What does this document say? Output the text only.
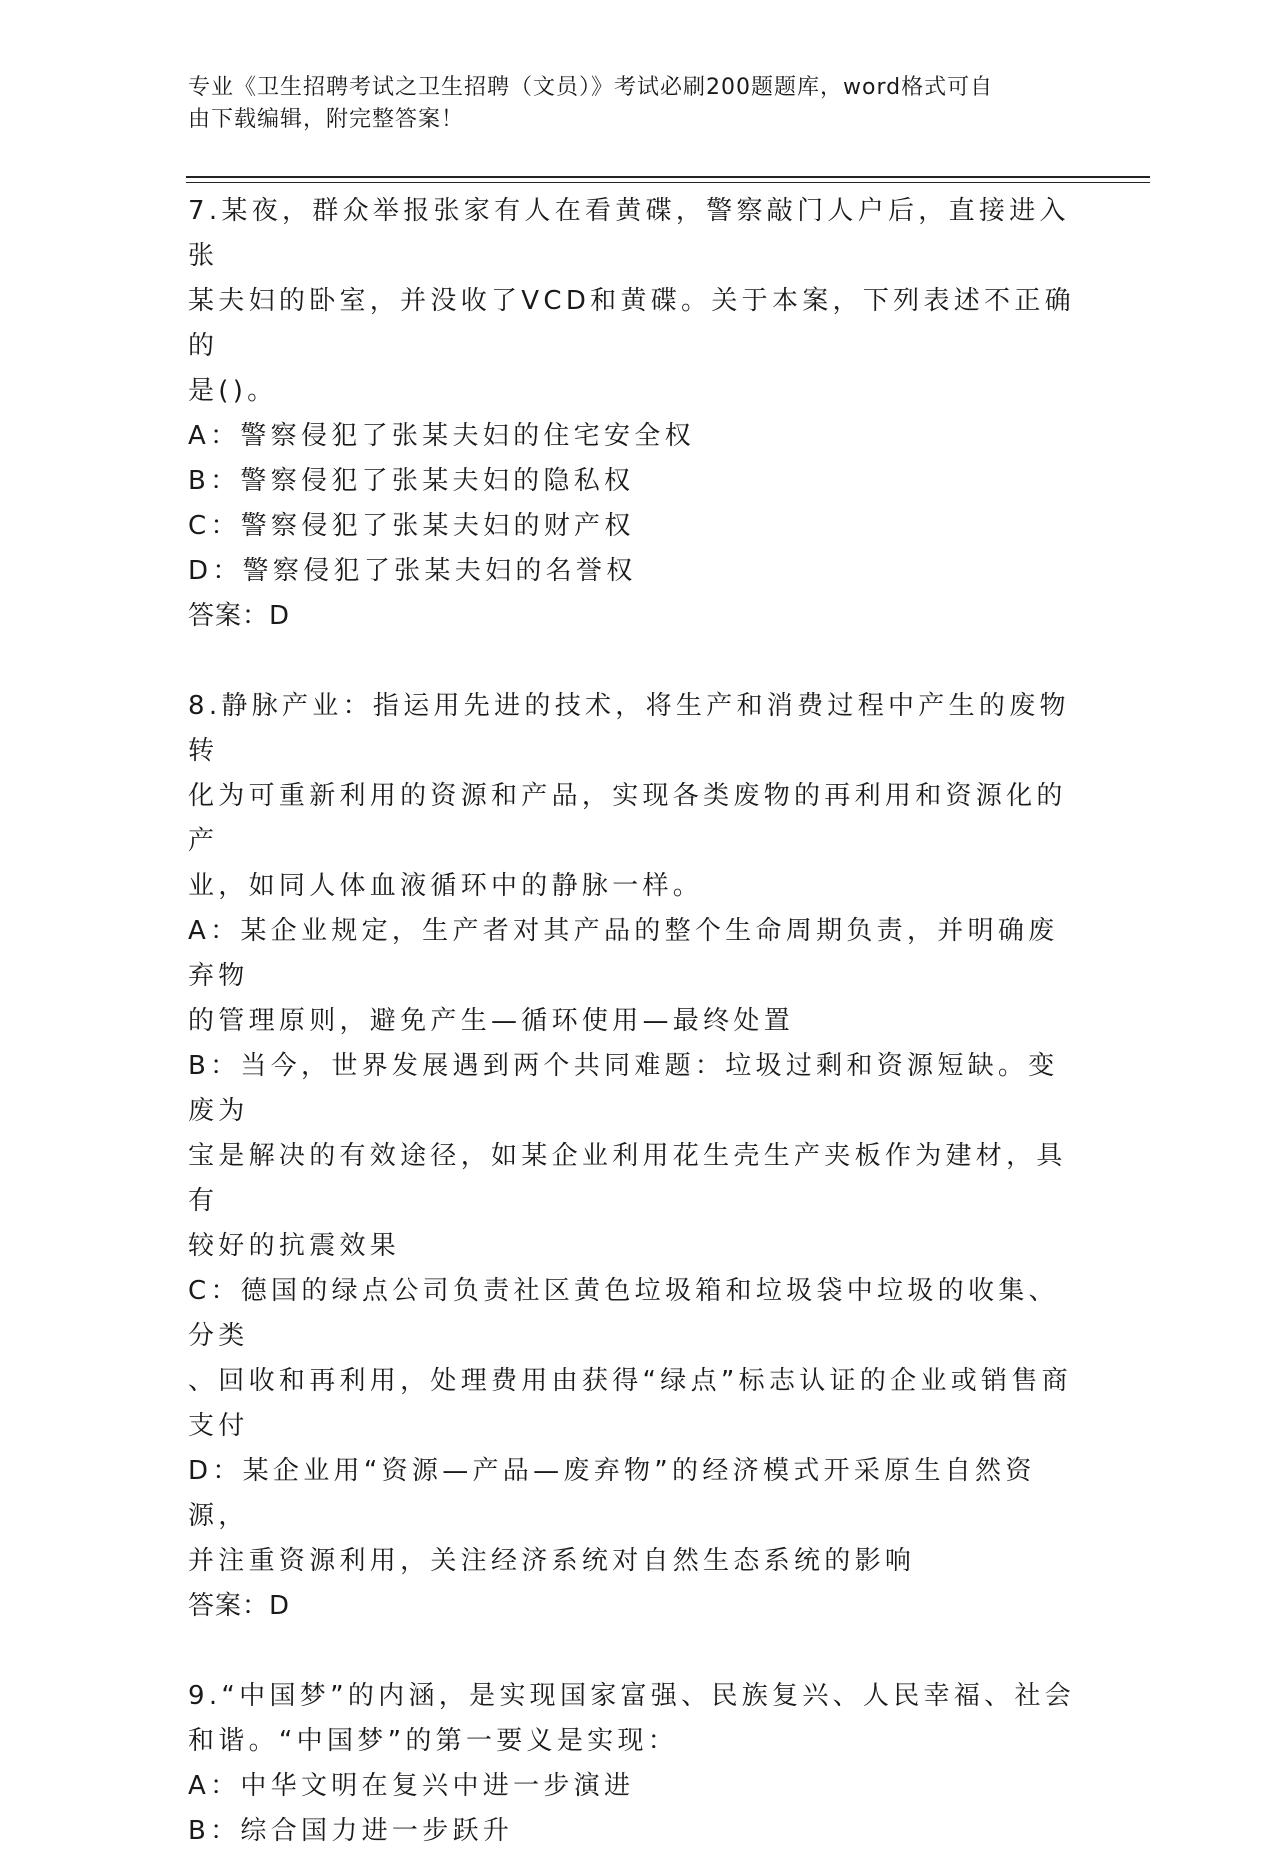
专业《卫生招聘考试之卫生招聘（文员）》考试必刷200题题库，word格式可自
由下载编辑，附完整答案！

7.某夜，群众举报张家有人在看黄碟，警察敲门人户后，直接进入张

某夫妇的卧室，并没收了VCD和黄碟。关于本案，下列表述不正确的

是()。

A：警察侵犯了张某夫妇的住宅安全权

B：警察侵犯了张某夫妇的隐私权

C：警察侵犯了张某夫妇的财产权

D：警察侵犯了张某夫妇的名誉权

答案：D

8.静脉产业：指运用先进的技术，将生产和消费过程中产生的废物转

化为可重新利用的资源和产品，实现各类废物的再利用和资源化的产

业，如同人体血液循环中的静脉一样。

A：某企业规定，生产者对其产品的整个生命周期负责，并明确废弃物

的管理原则，避免产生—循环使用—最终处置

B：当今，世界发展遇到两个共同难题：垃圾过剩和资源短缺。变废为

宝是解决的有效途径，如某企业利用花生壳生产夹板作为建材，具有

较好的抗震效果

C：德国的绿点公司负责社区黄色垃圾箱和垃圾袋中垃圾的收集、分类

、回收和再利用，处理费用由获得“绿点”标志认证的企业或销售商

支付

D：某企业用“资源—产品—废弃物”的经济模式开采原生自然资源，

并注重资源利用，关注经济系统对自然生态系统的影响

答案：D

9.“中国梦”的内涵，是实现国家富强、民族复兴、人民幸福、社会

和谐。“中国梦”的第一要义是实现：

A：中华文明在复兴中进一步演进

B：综合国力进一步跃升
